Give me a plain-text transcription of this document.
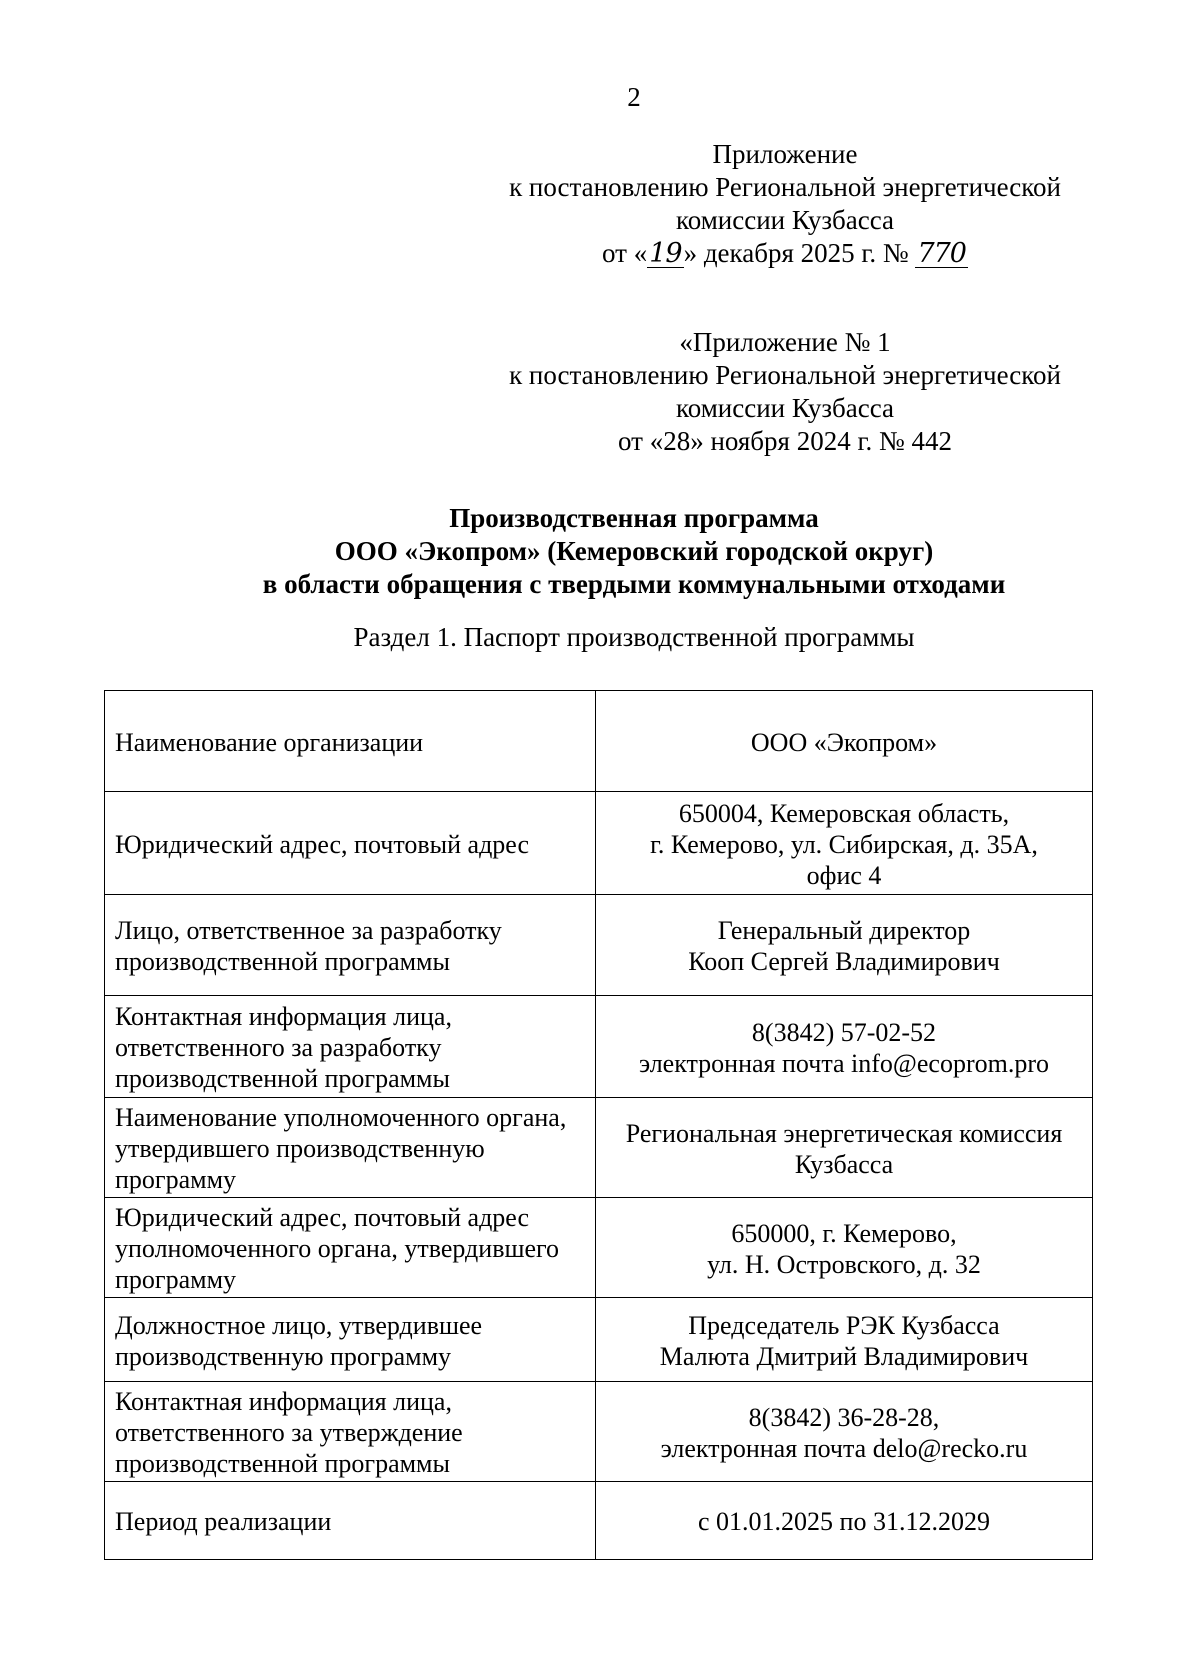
2
Приложение
к постановлению Региональной энергетической
комиссии Кузбасса
от «19» декабря 2025 г. № 770
«Приложение № 1
к постановлению Региональной энергетической
комиссии Кузбасса
от «28» ноября 2024 г. № 442
Производственная программа
ООО «Экопром» (Кемеровский городской округ)
в области обращения с твердыми коммунальными отходами
Раздел 1. Паспорт производственной программы
Наименование организации	ООО «Экопром»

Юридический адрес, почтовый адрес	650004, Кемеровская область,
г. Кемерово, ул. Сибирская, д. 35А,
офис 4

Лицо, ответственное за разработку производственной программы	Генеральный директор
Кооп Сергей Владимирович

Контактная информация лица, ответственного за разработку производственной программы	8(3842) 57-02-52
электронная почта info@ecoprom.pro

Наименование уполномоченного органа, утвердившего производственную программу	Региональная энергетическая комиссия
Кузбасса

Юридический адрес, почтовый адрес уполномоченного органа, утвердившего программу	650000, г. Кемерово,
ул. Н. Островского, д. 32

Должностное лицо, утвердившее производственную программу	Председатель РЭК Кузбасса
Малюта Дмитрий Владимирович

Контактная информация лица, ответственного за утверждение производственной программы	8(3842) 36-28-28,
электронная почта delo@recko.ru

Период реализации	с 01.01.2025 по 31.12.2029
